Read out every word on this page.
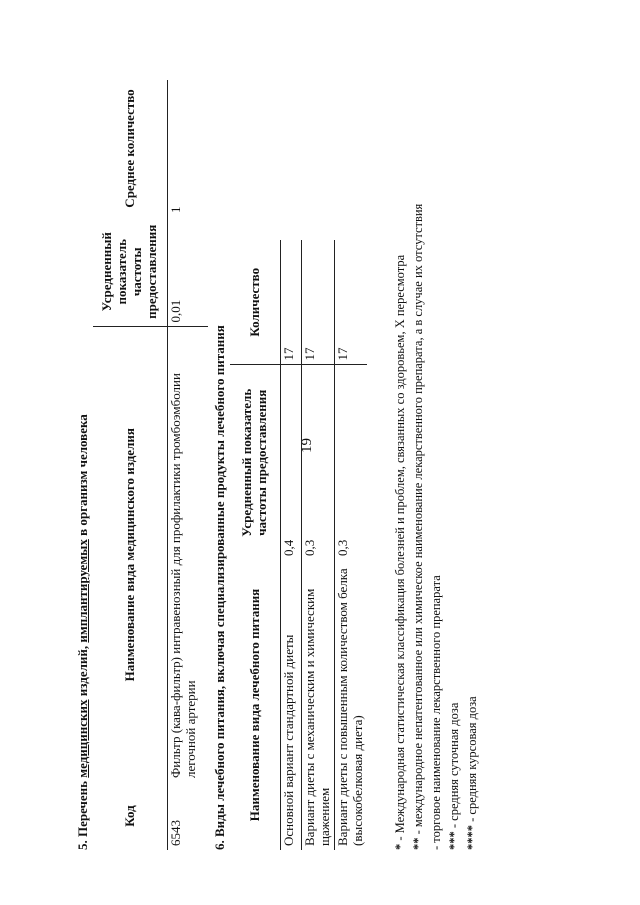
19

5. Перечень медицинских изделий, имплантируемых в организм человека

Код	Наименование вида медицинского изделия	Усредненный показатель частоты предоставления	Среднее количество
6543	Фильтр (кава-фильтр) интравенозный для профилактики тромбоэмболии легочной артерии	0,01	1

6. Виды лечебного питания, включая специализированные продукты лечебного питания Наименование вида лечебного питания	Усредненный показатель частоты предоставления	Количество
Основной вариант стандартной диеты	0,4	17
Вариант диеты с механическим и химическим щажением	0,3	17
Вариант диеты с повышенным количеством белка (высокобелковая диета)	0,3	17
* - Международная статистическая классификация болезней и проблем, связанных со здоровьем, X пересмотра ** - международное непатентованное или химическое наименование лекарственного препарата, а в случае их отсутствия - торговое наименование лекарственного препарата *** - средняя суточная доза
**** - средняя курсовая доза
